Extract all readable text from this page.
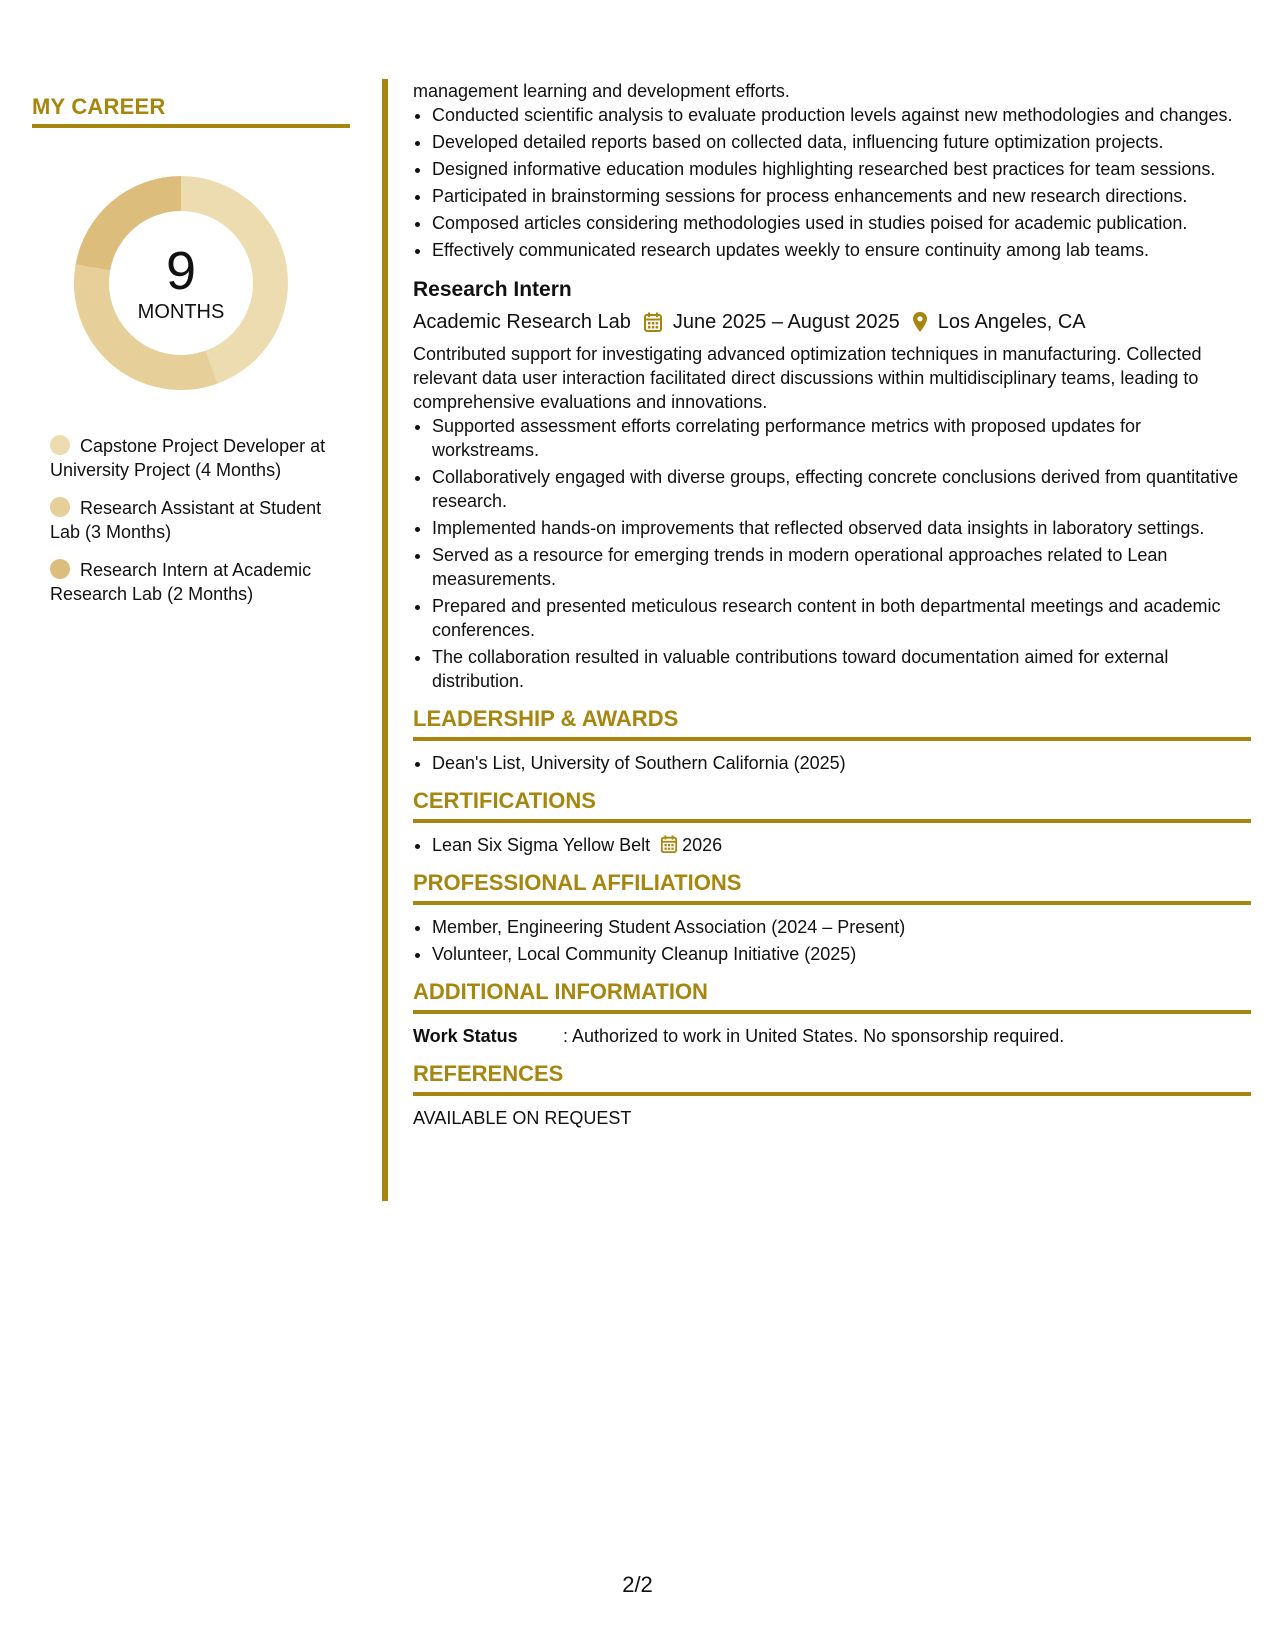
MY CAREER
9
MONTHS
Capstone Project Developer at University Project (4 Months)
Research Assistant at Student Lab (3 Months)
Research Intern at Academic Research Lab (2 Months)

management learning and development efforts.

• Conducted scientific analysis to evaluate production levels against new methodologies and changes.
• Developed detailed reports based on collected data, influencing future optimization projects.
• Designed informative education modules highlighting researched best practices for team sessions.
• Participated in brainstorming sessions for process enhancements and new research directions.
• Composed articles considering methodologies used in studies poised for academic publication.
• Effectively communicated research updates weekly to ensure continuity among lab teams.
Research Intern
Academic Research Lab June 2025 – August 2025 Los Angeles, CA

Contributed support for investigating advanced optimization techniques in manufacturing. Collected relevant data user interaction facilitated direct discussions within multidisciplinary teams, leading to comprehensive evaluations and innovations.

• Supported assessment efforts correlating performance metrics with proposed updates for workstreams.
• Collaboratively engaged with diverse groups, effecting concrete conclusions derived from quantitative research.
• Implemented hands-on improvements that reflected observed data insights in laboratory settings.
• Served as a resource for emerging trends in modern operational approaches related to Lean measurements.
• Prepared and presented meticulous research content in both departmental meetings and academic conferences.
• The collaboration resulted in valuable contributions toward documentation aimed for external distribution.
LEADERSHIP & AWARDS
• Dean's List, University of Southern California (2025)
CERTIFICATIONS
• Lean Six Sigma Yellow Belt 2026
PROFESSIONAL AFFILIATIONS
• Member, Engineering Student Association (2024 – Present)
• Volunteer, Local Community Cleanup Initiative (2025)
ADDITIONAL INFORMATION
Work Status	: Authorized to work in United States. No sponsorship required.
REFERENCES

AVAILABLE ON REQUEST

2/2
